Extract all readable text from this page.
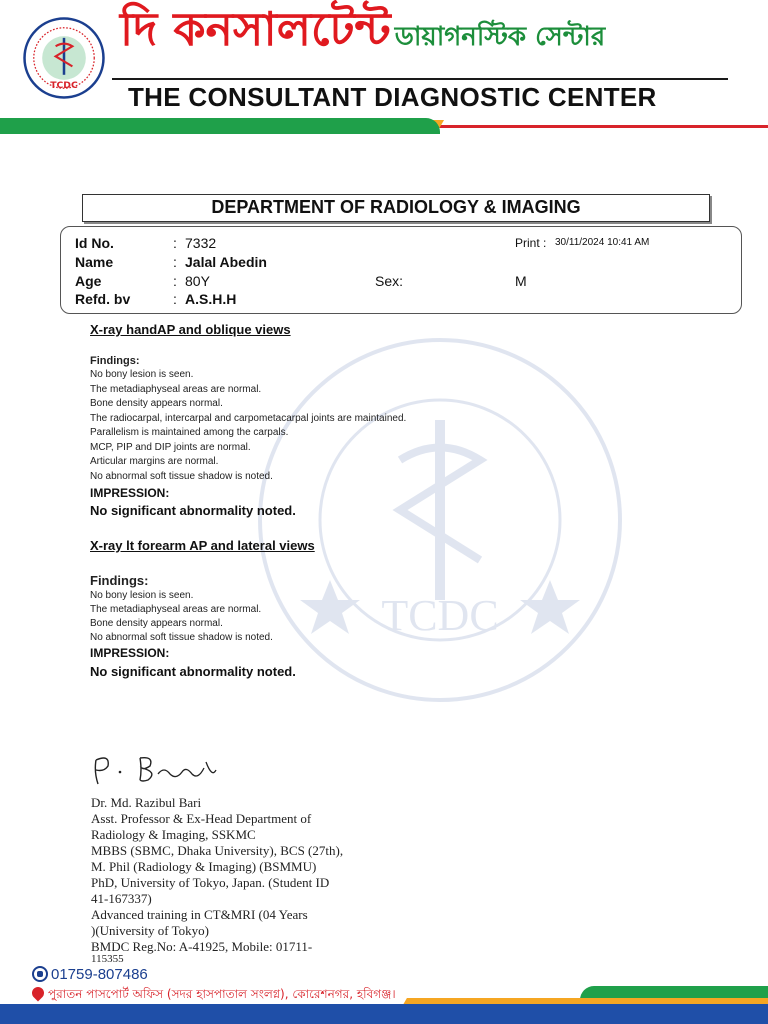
TCDC
দি কনসালটেন্ট ডায়াগনস্টিক সেন্টার
THE CONSULTANT DIAGNOSTIC CENTER
DEPARTMENT OF RADIOLOGY & IMAGING
Id No.	: 7332
Name	: Jalal Abedin
Age	: 80Y
Refd. bv	: A.S.H.H
Sex:	M
Print : 30/11/2024 10:41 AM
TCDC
X-ray handAP and oblique views
Findings:
No bony lesion is seen.
The metadiaphyseal areas are normal.
Bone density appears normal.
The radiocarpal, intercarpal and carpometacarpal joints are maintained.
Parallelism is maintained among the carpals.
MCP, PIP and DIP joints are normal.
Articular margins are normal.
No abnormal soft tissue shadow is noted.
IMPRESSION:
No significant abnormality noted.
X-ray lt forearm AP and lateral views
Findings:
No bony lesion is seen.
The metadiaphyseal areas are normal.
Bone density appears normal.
No abnormal soft tissue shadow is noted.
IMPRESSION:
No significant abnormality noted.
Dr. Md. Razibul Bari
Asst. Professor & Ex-Head Department of
Radiology & Imaging, SSKMC
MBBS (SBMC, Dhaka University), BCS (27th),
M. Phil (Radiology & Imaging) (BSMMU)
PhD, University of Tokyo, Japan. (Student ID
41-167337)
Advanced training in CT&MRI (04 Years
)(University of Tokyo)
BMDC Reg.No: A-41925, Mobile: 01711-
115355
01759-807486
পুরাতন পাসপোর্ট অফিস (সদর হাসপাতাল সংলগ্ন), কোরেশনগর, হবিগঞ্জ।
